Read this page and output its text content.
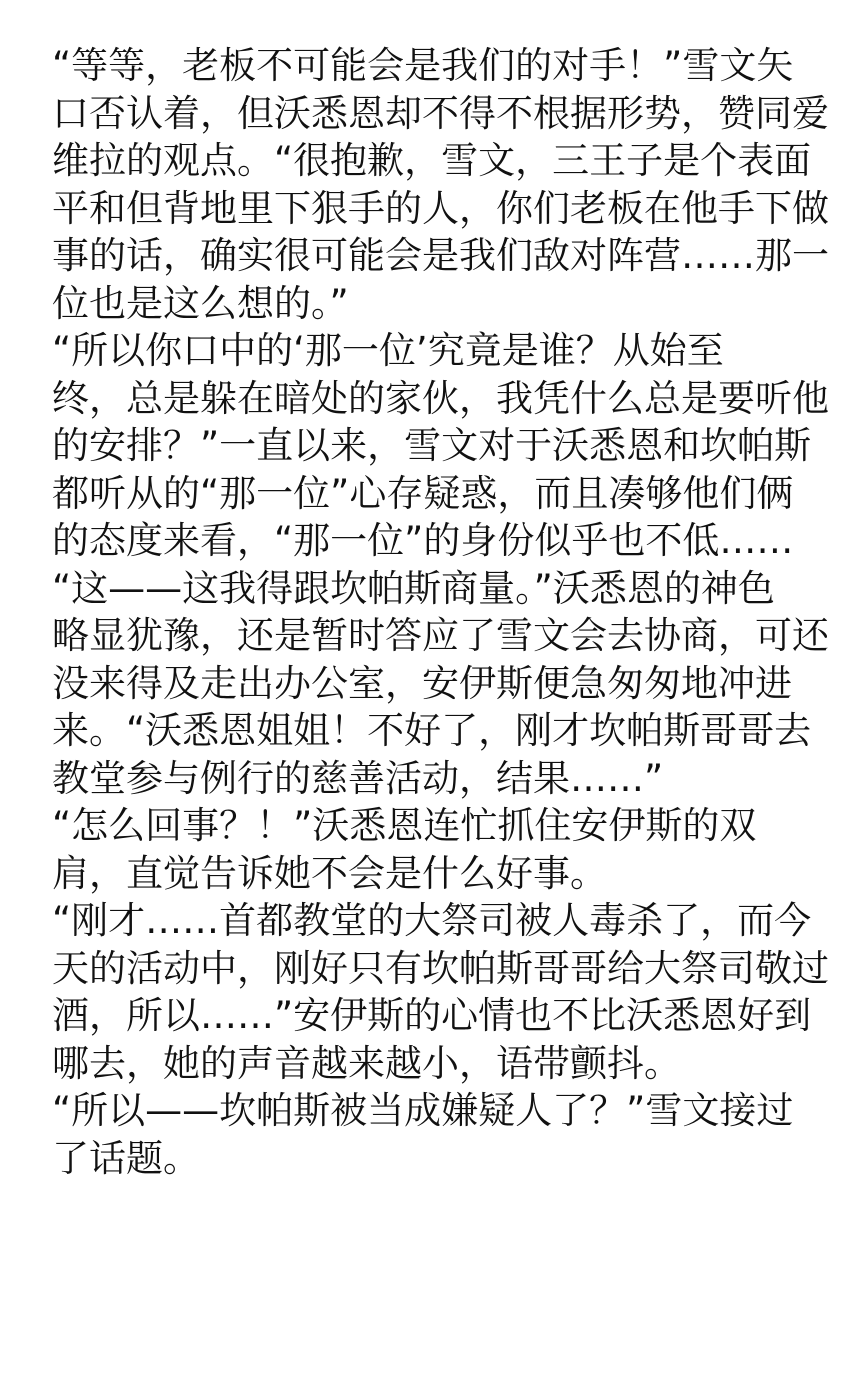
“等等，老板不可能会是我们的对手！”雪文矢
口否认着，但沃悉恩却不得不根据形势，赞同爱
维拉的观点。“很抱歉，雪文，三王子是个表面
平和但背地里下狠手的人，你们老板在他手下做
事的话，确实很可能会是我们敌对阵营……那一
位也是这么想的。”
“所以你口中的‘那一位’究竟是谁？从始至
终，总是躲在暗处的家伙，我凭什么总是要听他
的安排？”一直以来，雪文对于沃悉恩和坎帕斯
都听从的“那一位”心存疑惑，而且凑够他们俩
的态度来看，“那一位”的身份似乎也不低……
“这——这我得跟坎帕斯商量。”沃悉恩的神色
略显犹豫，还是暂时答应了雪文会去协商，可还
没来得及走出办公室，安伊斯便急匆匆地冲进
来。“沃悉恩姐姐！不好了，刚才坎帕斯哥哥去
教堂参与例行的慈善活动，结果……”
“怎么回事？！”沃悉恩连忙抓住安伊斯的双
肩，直觉告诉她不会是什么好事。
“刚才……首都教堂的大祭司被人毒杀了，而今
天的活动中，刚好只有坎帕斯哥哥给大祭司敬过
酒，所以……”安伊斯的心情也不比沃悉恩好到
哪去，她的声音越来越小，语带颤抖。
“所以——坎帕斯被当成嫌疑人了？”雪文接过
了话题。
